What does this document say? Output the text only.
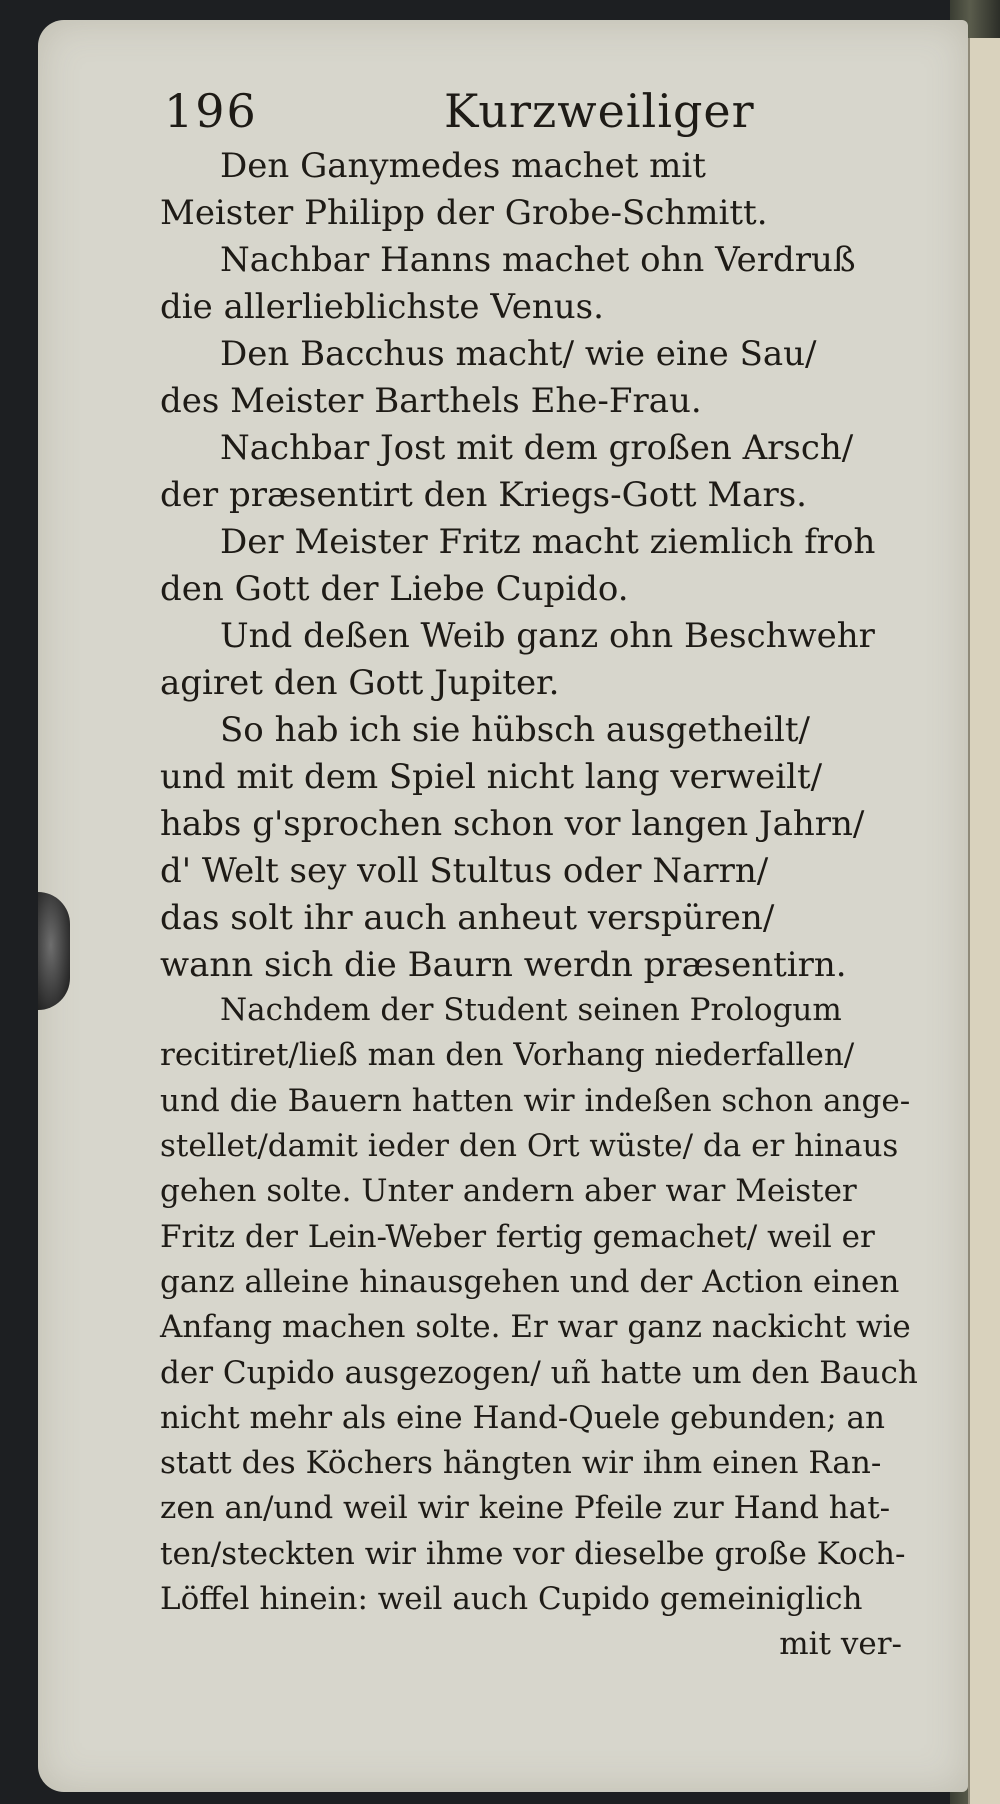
196	Kurzweiliger
Den Ganymedes machet mit
Meister Philipp der Grobe-Schmitt.
Nachbar Hanns machet ohn Verdruß
die allerlieblichste Venus.
Den Bacchus macht/ wie eine Sau/
des Meister Barthels Ehe-Frau.
Nachbar Jost mit dem großen Arsch/
der præsentirt den Kriegs-Gott Mars.
Der Meister Fritz macht ziemlich froh
den Gott der Liebe Cupido.
Und deßen Weib ganz ohn Beschwehr
agiret den Gott Jupiter.
So hab ich sie hübsch ausgetheilt/
und mit dem Spiel nicht lang verweilt/
habs g'sprochen schon vor langen Jahrn/
d' Welt sey voll Stultus oder Narrn/
das solt ihr auch anheut verspüren/
wann sich die Baurn werdn præsentirn.
Nachdem der Student seinen Prologum
recitiret/ließ man den Vorhang niederfallen/
und die Bauern hatten wir indeßen schon ange-
stellet/damit ieder den Ort wüste/ da er hinaus
gehen solte. Unter andern aber war Meister
Fritz der Lein-Weber fertig gemachet/ weil er
ganz alleine hinausgehen und der Action einen
Anfang machen solte. Er war ganz nackicht wie
der Cupido ausgezogen/ uñ hatte um den Bauch
nicht mehr als eine Hand-Quele gebunden; an
statt des Köchers hängten wir ihm einen Ran-
zen an/und weil wir keine Pfeile zur Hand hat-
ten/steckten wir ihme vor dieselbe große Koch-
Löffel hinein: weil auch Cupido gemeiniglich
mit ver-
